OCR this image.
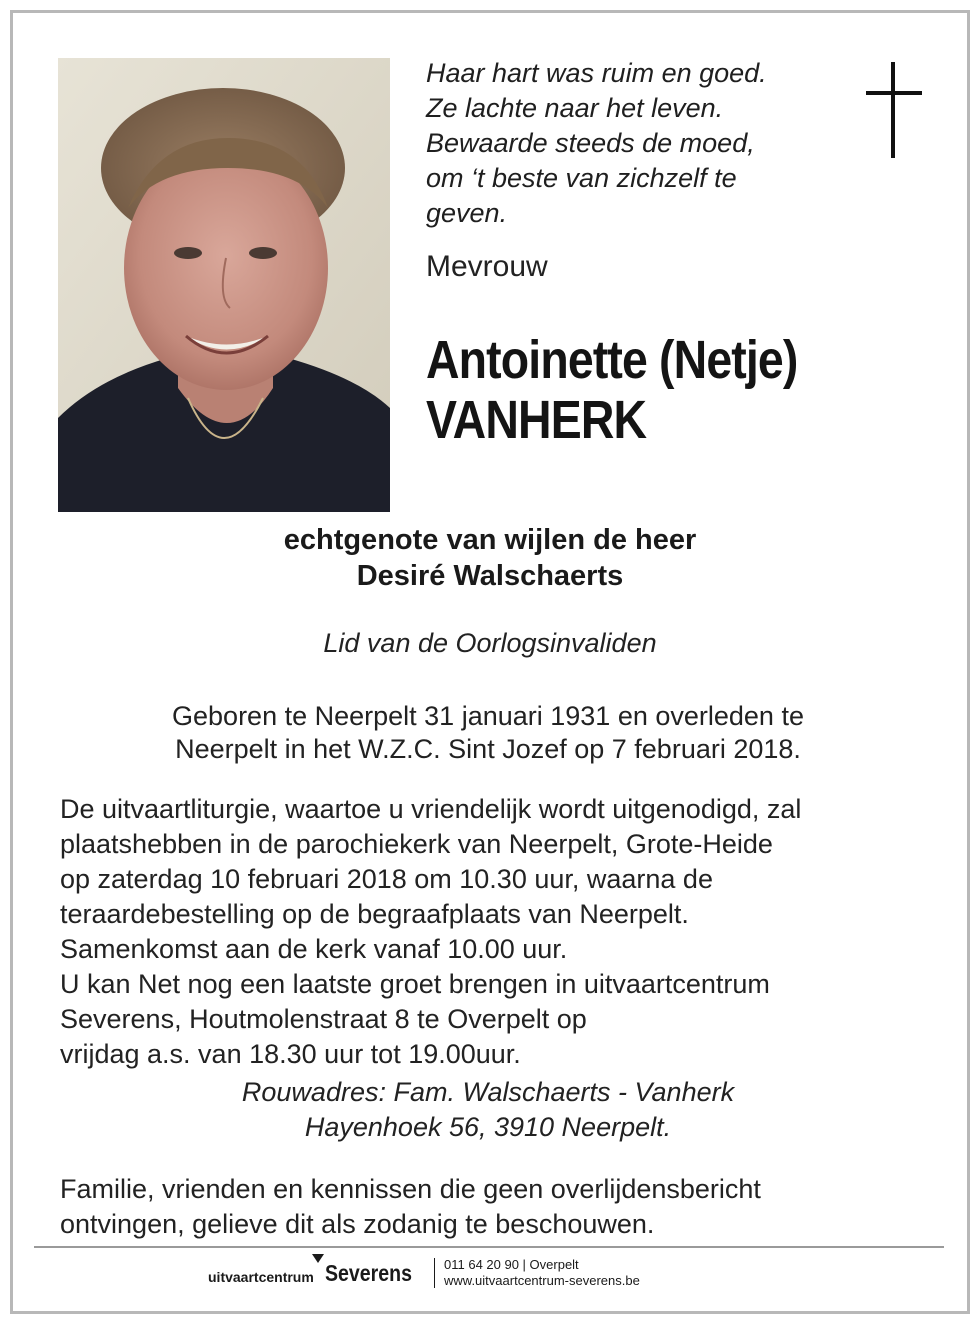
Haar hart was ruim en goed.
Ze lachte naar het leven.
Bewaarde steeds de moed,
om ‘t beste van zichzelf te
geven.
Mevrouw
Antoinette (Netje)
VANHERK
echtgenote van wijlen de heer
Desiré Walschaerts
Lid van de Oorlogsinvaliden
Geboren te Neerpelt 31 januari 1931 en overleden te
Neerpelt in het W.Z.C. Sint Jozef op 7 februari 2018.
De uitvaartliturgie, waartoe u vriendelijk wordt uitgenodigd, zal
plaatshebben in de parochiekerk van Neerpelt, Grote-Heide
op zaterdag 10 februari 2018 om 10.30 uur, waarna de
teraardebestelling op de begraafplaats van Neerpelt.
Samenkomst aan de kerk vanaf 10.00 uur.
U kan Net nog een laatste groet brengen in uitvaartcentrum
Severens, Houtmolenstraat 8 te Overpelt op
vrijdag a.s. van 18.30 uur tot 19.00uur.
Rouwadres: Fam. Walschaerts - Vanherk
Hayenhoek 56, 3910 Neerpelt.
Familie, vrienden en kennissen die geen overlijdensbericht
ontvingen, gelieve dit als zodanig te beschouwen.
uitvaartcentrum Severens 011 64 20 90 | Overpelt
www.uitvaartcentrum-severens.be
